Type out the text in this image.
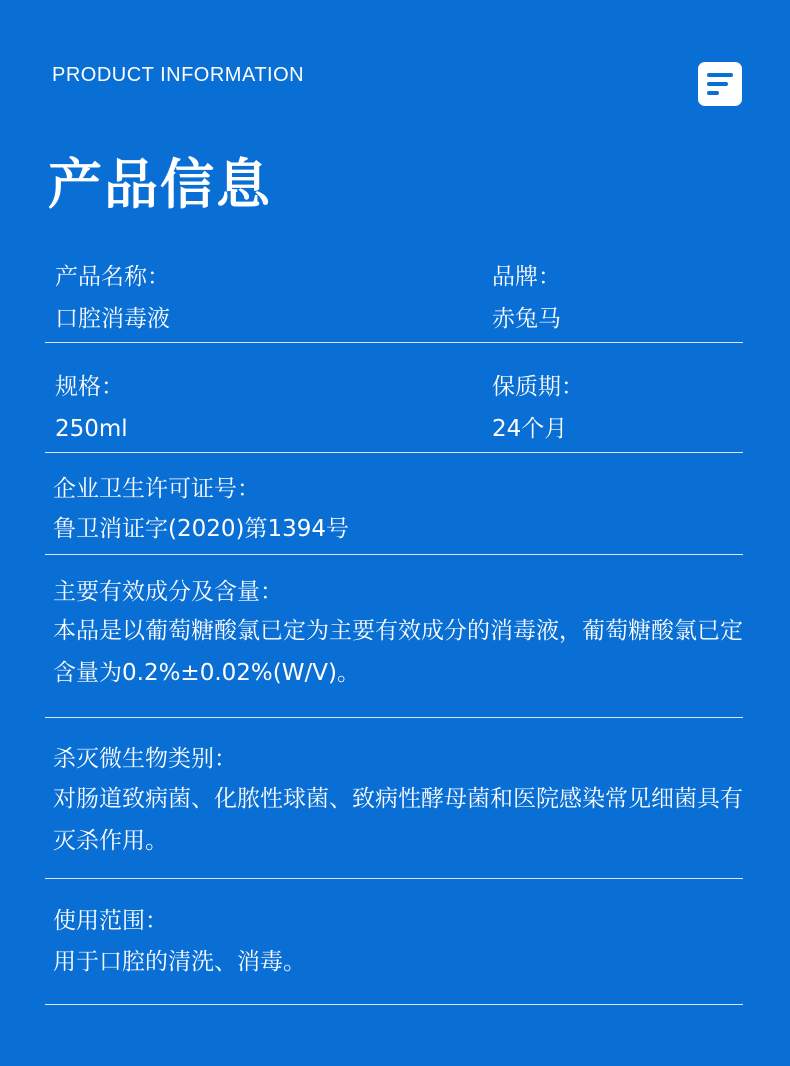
PRODUCT INFORMATION
产品信息
产品名称：
口腔消毒液
品牌：
赤兔马
规格：
250ml
保质期：
24个月
企业卫生许可证号：
鲁卫消证字(2020)第1394号
主要有效成分及含量：
本品是以葡萄糖酸氯已定为主要有效成分的消毒液，葡萄糖酸氯已定含量为0.2%±0.02%(W/V)。
杀灭微生物类别：
对肠道致病菌、化脓性球菌、致病性酵母菌和医院感染常见细菌具有灭杀作用。
使用范围：
用于口腔的清洗、消毒。
